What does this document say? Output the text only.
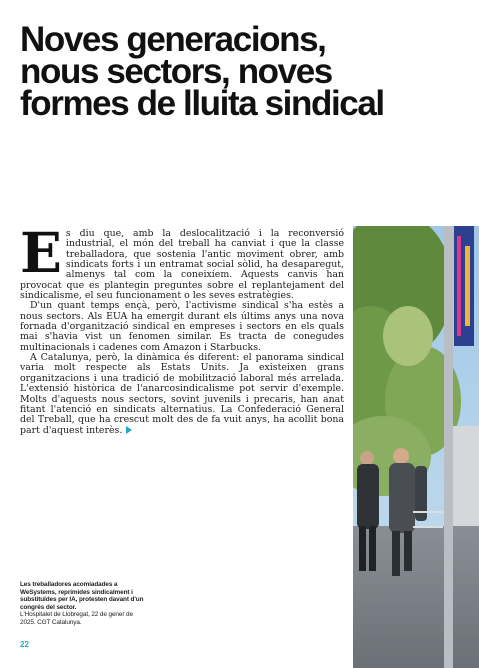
Noves generacions,
nous sectors, noves
formes de lluita sindical

Es diu que, amb la deslocalització i la reconversió industrial, el món del treball ha canviat i que la classe treballadora, que sostenia l'antic moviment obrer, amb sindicats forts i un entramat social sòlid, ha desaparegut, almenys tal com la coneixíem. Aquests canvis han provocat que es plantegin preguntes sobre el replantejament del sindicalisme, el seu funcionament o les seves estratègies.

D'un quant temps ençà, però, l'activisme sindical s'ha estès a nous sectors. Als EUA ha emergit durant els últims anys una nova fornada d'organització sindical en empreses i sectors en els quals mai s'havia vist un fenomen similar. Es tracta de conegudes multinacionals i cadenes com Amazon i Starbucks.

A Catalunya, però, la dinàmica és diferent: el panorama sindical varia molt respecte als Estats Units. Ja existeixen grans organitzacions i una tradició de mobilització laboral més arrelada. L'extensió històrica de l'anarcosindicalisme pot servir d'exemple. Molts d'aquests nous sectors, sovint juvenils i precaris, han anat fitant l'atenció en sindicats alternatius. La Confederació General del Treball, que ha crescut molt des de fa vuit anys, ha acollit bona part d'aquest interès.

Les treballadores acomiadades a WeSystems, reprimides sindicalment i substituïdes per IA, protesten davant d'un congrés del sector.
L'Hospitalet de Llobregat, 22 de gener de 2025. CGT Catalunya.
22
